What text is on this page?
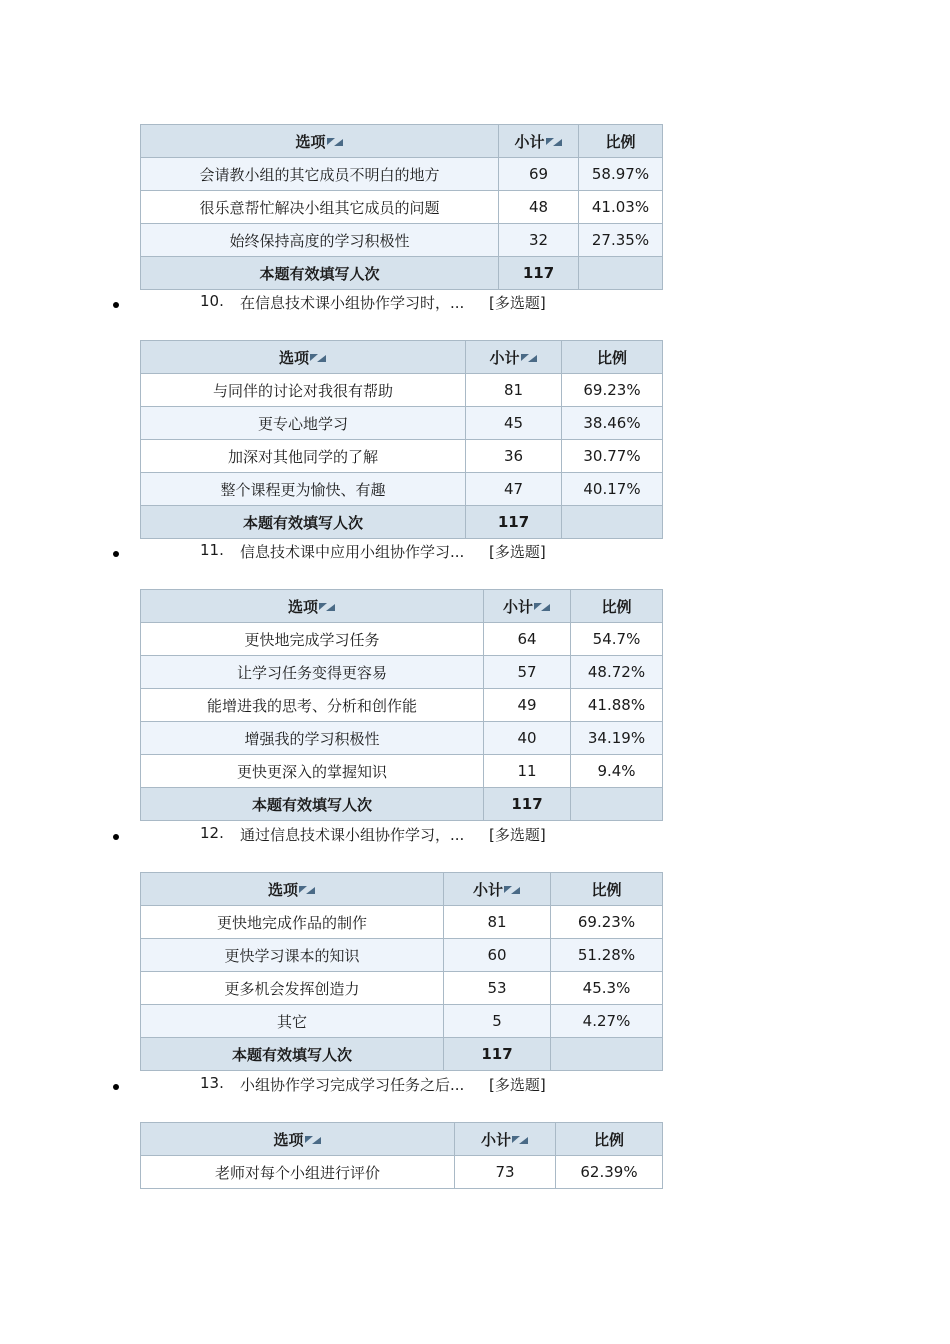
选项	小计	比例
会请教小组的其它成员不明白的地方	69	58.97%
很乐意帮忙解决小组其它成员的问题	48	41.03%
始终保持高度的学习积极性	32	27.35%
本题有效填写人次	117	
10. 在信息技术课小组协作学习时，... [多选题]
选项	小计	比例
与同伴的讨论对我很有帮助	81	69.23%
更专心地学习	45	38.46%
加深对其他同学的了解	36	30.77%
整个课程更为愉快、有趣	47	40.17%
本题有效填写人次	117	
11. 信息技术课中应用小组协作学习... [多选题]
选项	小计	比例
更快地完成学习任务	64	54.7%
让学习任务变得更容易	57	48.72%
能增进我的思考、分析和创作能	49	41.88%
增强我的学习积极性	40	34.19%
更快更深入的掌握知识	11	9.4%
本题有效填写人次	117	
12. 通过信息技术课小组协作学习，... [多选题]
选项	小计	比例
更快地完成作品的制作	81	69.23%
更快学习课本的知识	60	51.28%
更多机会发挥创造力	53	45.3%
其它	5	4.27%
本题有效填写人次	117	
13. 小组协作学习完成学习任务之后... [多选题]
选项	小计	比例
老师对每个小组进行评价	73	62.39%
